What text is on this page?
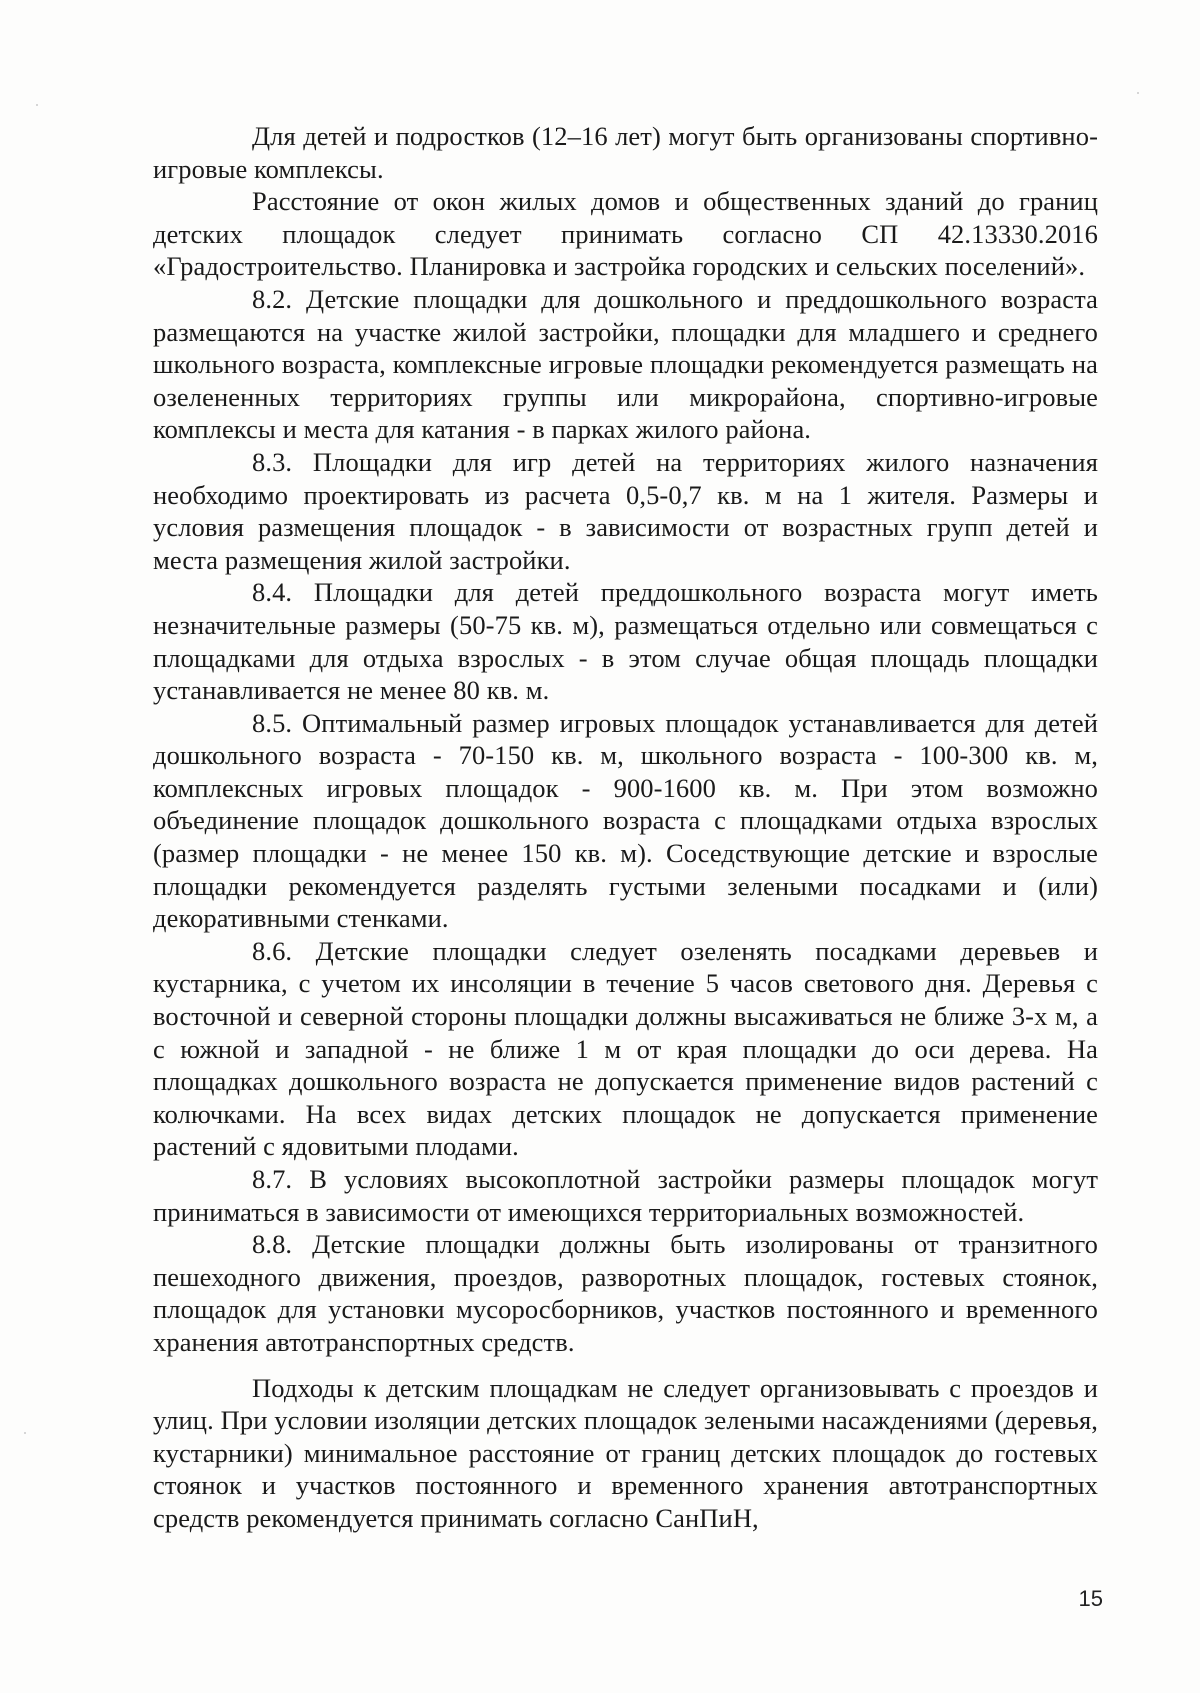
Для детей и подростков (12–16 лет) могут быть организованы спортивно-игровые комплексы.

Расстояние от окон жилых домов и общественных зданий до границ детских площадок следует принимать согласно СП 42.13330.2016 «Градостроительство. Планировка и застройка городских и сельских поселений».

8.2. Детские площадки для дошкольного и преддошкольного возраста размещаются на участке жилой застройки, площадки для младшего и среднего школьного возраста, комплексные игровые площадки рекомендуется размещать на озелененных территориях группы или микрорайона, спортивно-игровые комплексы и места для катания - в парках жилого района.

8.3. Площадки для игр детей на территориях жилого назначения необходимо проектировать из расчета 0,5-0,7 кв. м на 1 жителя. Размеры и условия размещения площадок - в зависимости от возрастных групп детей и места размещения жилой застройки.

8.4. Площадки для детей преддошкольного возраста могут иметь незначительные размеры (50-75 кв. м), размещаться отдельно или совмещаться с площадками для отдыха взрослых - в этом случае общая площадь площадки устанавливается не менее 80 кв. м.

8.5. Оптимальный размер игровых площадок устанавливается для детей дошкольного возраста - 70-150 кв. м, школьного возраста - 100-300 кв. м, комплексных игровых площадок - 900-1600 кв. м. При этом возможно объединение площадок дошкольного возраста с площадками отдыха взрослых (размер площадки - не менее 150 кв. м). Соседствующие детские и взрослые площадки рекомендуется разделять густыми зелеными посадками и (или) декоративными стенками.

8.6. Детские площадки следует озеленять посадками деревьев и кустарника, с учетом их инсоляции в течение 5 часов светового дня. Деревья с восточной и северной стороны площадки должны высаживаться не ближе 3-х м, а с южной и западной - не ближе 1 м от края площадки до оси дерева. На площадках дошкольного возраста не допускается применение видов растений с колючками. На всех видах детских площадок не допускается применение растений с ядовитыми плодами.

8.7. В условиях высокоплотной застройки размеры площадок могут приниматься в зависимости от имеющихся территориальных возможностей.

8.8. Детские площадки должны быть изолированы от транзитного пешеходного движения, проездов, разворотных площадок, гостевых стоянок, площадок для установки мусоросборников, участков постоянного и временного хранения автотранспортных средств.

Подходы к детским площадкам не следует организовывать с проездов и улиц. При условии изоляции детских площадок зелеными насаждениями (деревья, кустарники) минимальное расстояние от границ детских площадок до гостевых стоянок и участков постоянного и временного хранения автотранспортных средств рекомендуется принимать согласно СанПиН,

15
